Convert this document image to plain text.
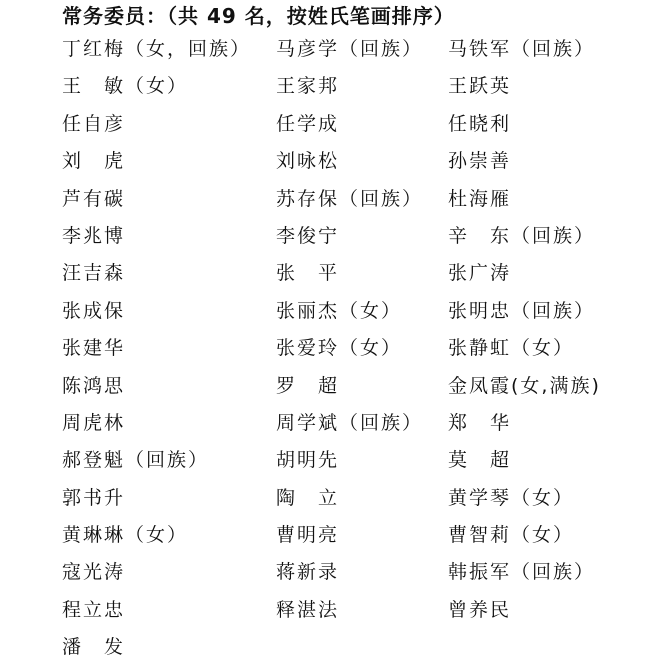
常务委员：（共 49 名，按姓氏笔画排序）
丁红梅（女，回族） 马彦学（回族） 马铁军（回族）
王　敏（女）	王家邦	王跃英
任自彦	任学成	任晓利
刘　虎	刘咏松	孙崇善
芦有碳	苏存保（回族） 杜海雁
李兆博	李俊宁	辛　东（回族）
汪吉森	张　平	张广涛
张成保	张丽杰（女） 张明忠（回族）
张建华	张爱玲（女） 张静虹（女）
陈鸿思	罗　超	金凤霞(女,满族)
周虎林	周学斌（回族） 郑　华
郝登魁（回族）	胡明先	莫　超
郭书升	陶　立	黄学琴（女）
黄琳琳（女）	曹明亮	曹智莉（女）
寇光涛	蒋新录	韩振军（回族）
程立忠	释湛法	曾养民
潘　发
